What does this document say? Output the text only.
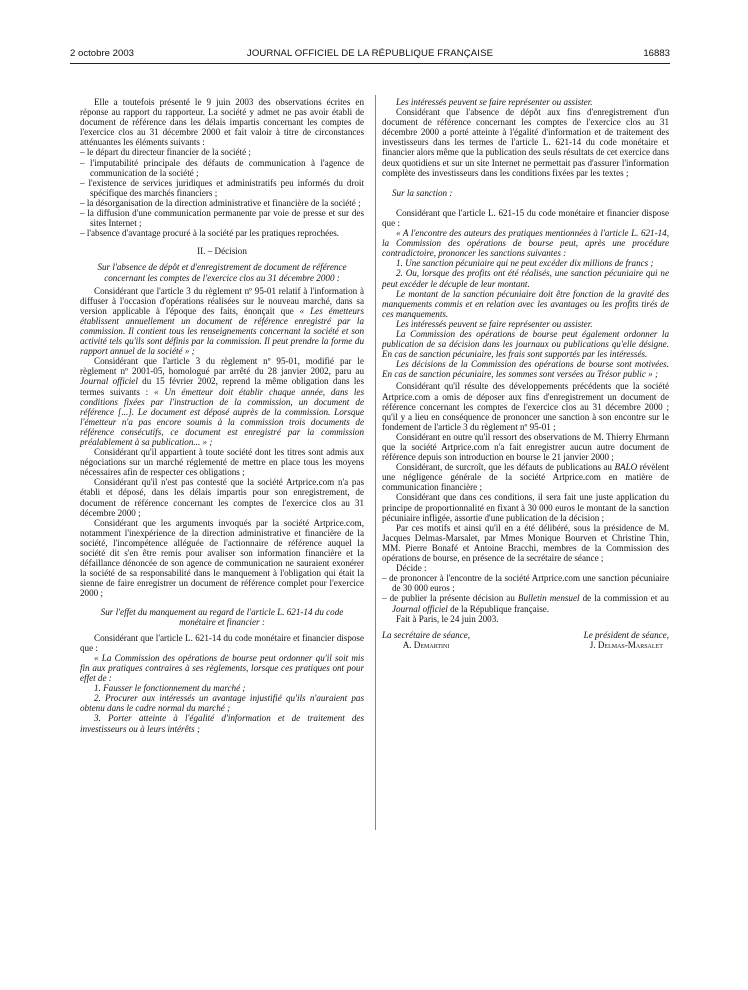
2 octobre 2003	JOURNAL OFFICIEL DE LA RÉPUBLIQUE FRANÇAISE	16883

Elle a toutefois présenté le 9 juin 2003 des observations écrites en réponse au rapport du rapporteur. La société y admet ne pas avoir établi de document de référence dans les délais impartis concernant les comptes de l'exercice clos au 31 décembre 2000 et fait valoir à titre de circonstances atténuantes les éléments suivants :

– le départ du directeur financier de la société ;

– l'imputabilité principale des défauts de communication à l'agence de communication de la société ;

– l'existence de services juridiques et administratifs peu informés du droit spécifique des marchés financiers ;

– la désorganisation de la direction administrative et financière de la société ;

– la diffusion d'une communication permanente par voie de presse et sur des sites Internet ;

– l'absence d'avantage procuré à la société par les pratiques reprochées.

II. – Décision

Sur l'absence de dépôt et d'enregistrement de document de référence concernant les comptes de l'exercice clos au 31 décembre 2000 :

Considérant que l'article 3 du règlement nº 95-01 relatif à l'information à diffuser à l'occasion d'opérations réalisées sur le nouveau marché, dans sa version applicable à l'époque des faits, énonçait que « Les émetteurs établissent annuellement un document de référence enregistré par la commission. Il contient tous les renseignements concernant la société et son activité tels qu'ils sont définis par la commission. Il peut prendre la forme du rapport annuel de la société » ;

Considérant que l'article 3 du règlement nº 95-01, modifié par le règlement nº 2001-05, homologué par arrêté du 28 janvier 2002, paru au Journal officiel du 15 février 2002, reprend la même obligation dans les termes suivants : « Un émetteur doit établir chaque année, dans les conditions fixées par l'instruction de la commission, un document de référence [...]. Le document est déposé auprès de la commission. Lorsque l'émetteur n'a pas encore soumis à la commission trois documents de référence consécutifs, ce document est enregistré par la commission préalablement à sa publication... » ;

Considérant qu'il appartient à toute société dont les titres sont admis aux négociations sur un marché réglementé de mettre en place tous les moyens nécessaires afin de respecter ces obligations ;

Considérant qu'il n'est pas contesté que la société Artprice.com n'a pas établi et déposé, dans les délais impartis pour son enregistrement, de document de référence concernant les comptes de l'exercice clos au 31 décembre 2000 ;

Considérant que les arguments invoqués par la société Artprice.com, notamment l'inexpérience de la direction administrative et financière de la société, l'incompétence alléguée de l'actionnaire de référence auquel la société dit s'en être remis pour avaliser son information financière et la défaillance dénoncée de son agence de communication ne sauraient exonérer la société de sa responsabilité dans le manquement à l'obligation qui était la sienne de faire enregistrer un document de référence complet pour l'exercice 2000 ;

Sur l'effet du manquement au regard de l'article L. 621-14 du code monétaire et financier :

Considérant que l'article L. 621-14 du code monétaire et financier dispose que :

« La Commission des opérations de bourse peut ordonner qu'il soit mis fin aux pratiques contraires à ses règlements, lorsque ces pratiques ont pour effet de :

1. Fausser le fonctionnement du marché ;

2. Procurer aux intéressés un avantage injustifié qu'ils n'auraient pas obtenu dans le cadre normal du marché ;

3. Porter atteinte à l'égalité d'information et de traitement des investisseurs ou à leurs intérêts ;

Les intéressés peuvent se faire représenter ou assister.

Considérant que l'absence de dépôt aux fins d'enregistrement d'un document de référence concernant les comptes de l'exercice clos au 31 décembre 2000 a porté atteinte à l'égalité d'information et de traitement des investisseurs dans les termes de l'article L. 621-14 du code monétaire et financier alors même que la publication des seuls résultats de cet exercice dans deux quotidiens et sur un site Internet ne permettait pas d'assurer l'information complète des investisseurs dans les conditions fixées par les textes ;

Sur la sanction :

Considérant que l'article L. 621-15 du code monétaire et financier dispose que :

« A l'encontre des auteurs des pratiques mentionnées à l'article L. 621-14, la Commission des opérations de bourse peut, après une procédure contradictoire, prononcer les sanctions suivantes :

1. Une sanction pécuniaire qui ne peut excéder dix millions de francs ;

2. Ou, lorsque des profits ont été réalisés, une sanction pécuniaire qui ne peut excéder le décuple de leur montant.

Le montant de la sanction pécuniaire doit être fonction de la gravité des manquements commis et en relation avec les avantages ou les profits tirés de ces manquements.

Les intéressés peuvent se faire représenter ou assister.

La Commission des opérations de bourse peut également ordonner la publication de sa décision dans les journaux ou publications qu'elle désigne. En cas de sanction pécuniaire, les frais sont supportés par les intéressés.

Les décisions de la Commission des opérations de bourse sont motivées. En cas de sanction pécuniaire, les sommes sont versées au Trésor public » ;

Considérant qu'il résulte des développements précédents que la société Artprice.com a omis de déposer aux fins d'enregistrement un document de référence concernant les comptes de l'exercice clos au 31 décembre 2000 ; qu'il y a lieu en conséquence de prononcer une sanction à son encontre sur le fondement de l'article 3 du règlement nº 95-01 ;

Considérant en outre qu'il ressort des observations de M. Thierry Ehrmann que la société Artprice.com n'a fait enregistrer aucun autre document de référence depuis son introduction en bourse le 21 janvier 2000 ;

Considérant, de surcroît, que les défauts de publications au BALO révèlent une négligence générale de la société Artprice.com en matière de communication financière ;

Considérant que dans ces conditions, il sera fait une juste application du principe de proportionnalité en fixant à 30 000 euros le montant de la sanction pécuniaire infligée, assortie d'une publication de la décision ;

Par ces motifs et ainsi qu'il en a été délibéré, sous la présidence de M. Jacques Delmas-Marsalet, par Mmes Monique Bourven et Christine Thin, MM. Pierre Bonafé et Antoine Bracchi, membres de la Commission des opérations de bourse, en présence de la secrétaire de séance ;

Décide :

– de prononcer à l'encontre de la société Artprice.com une sanction pécuniaire de 30 000 euros ;

– de publier la présente décision au Bulletin mensuel de la commission et au Journal officiel de la République française.

Fait à Paris, le 24 juin 2003.

La secrétaire de séance,
A. Demartini
Le président de séance,
J. Delmas-Marsalet
